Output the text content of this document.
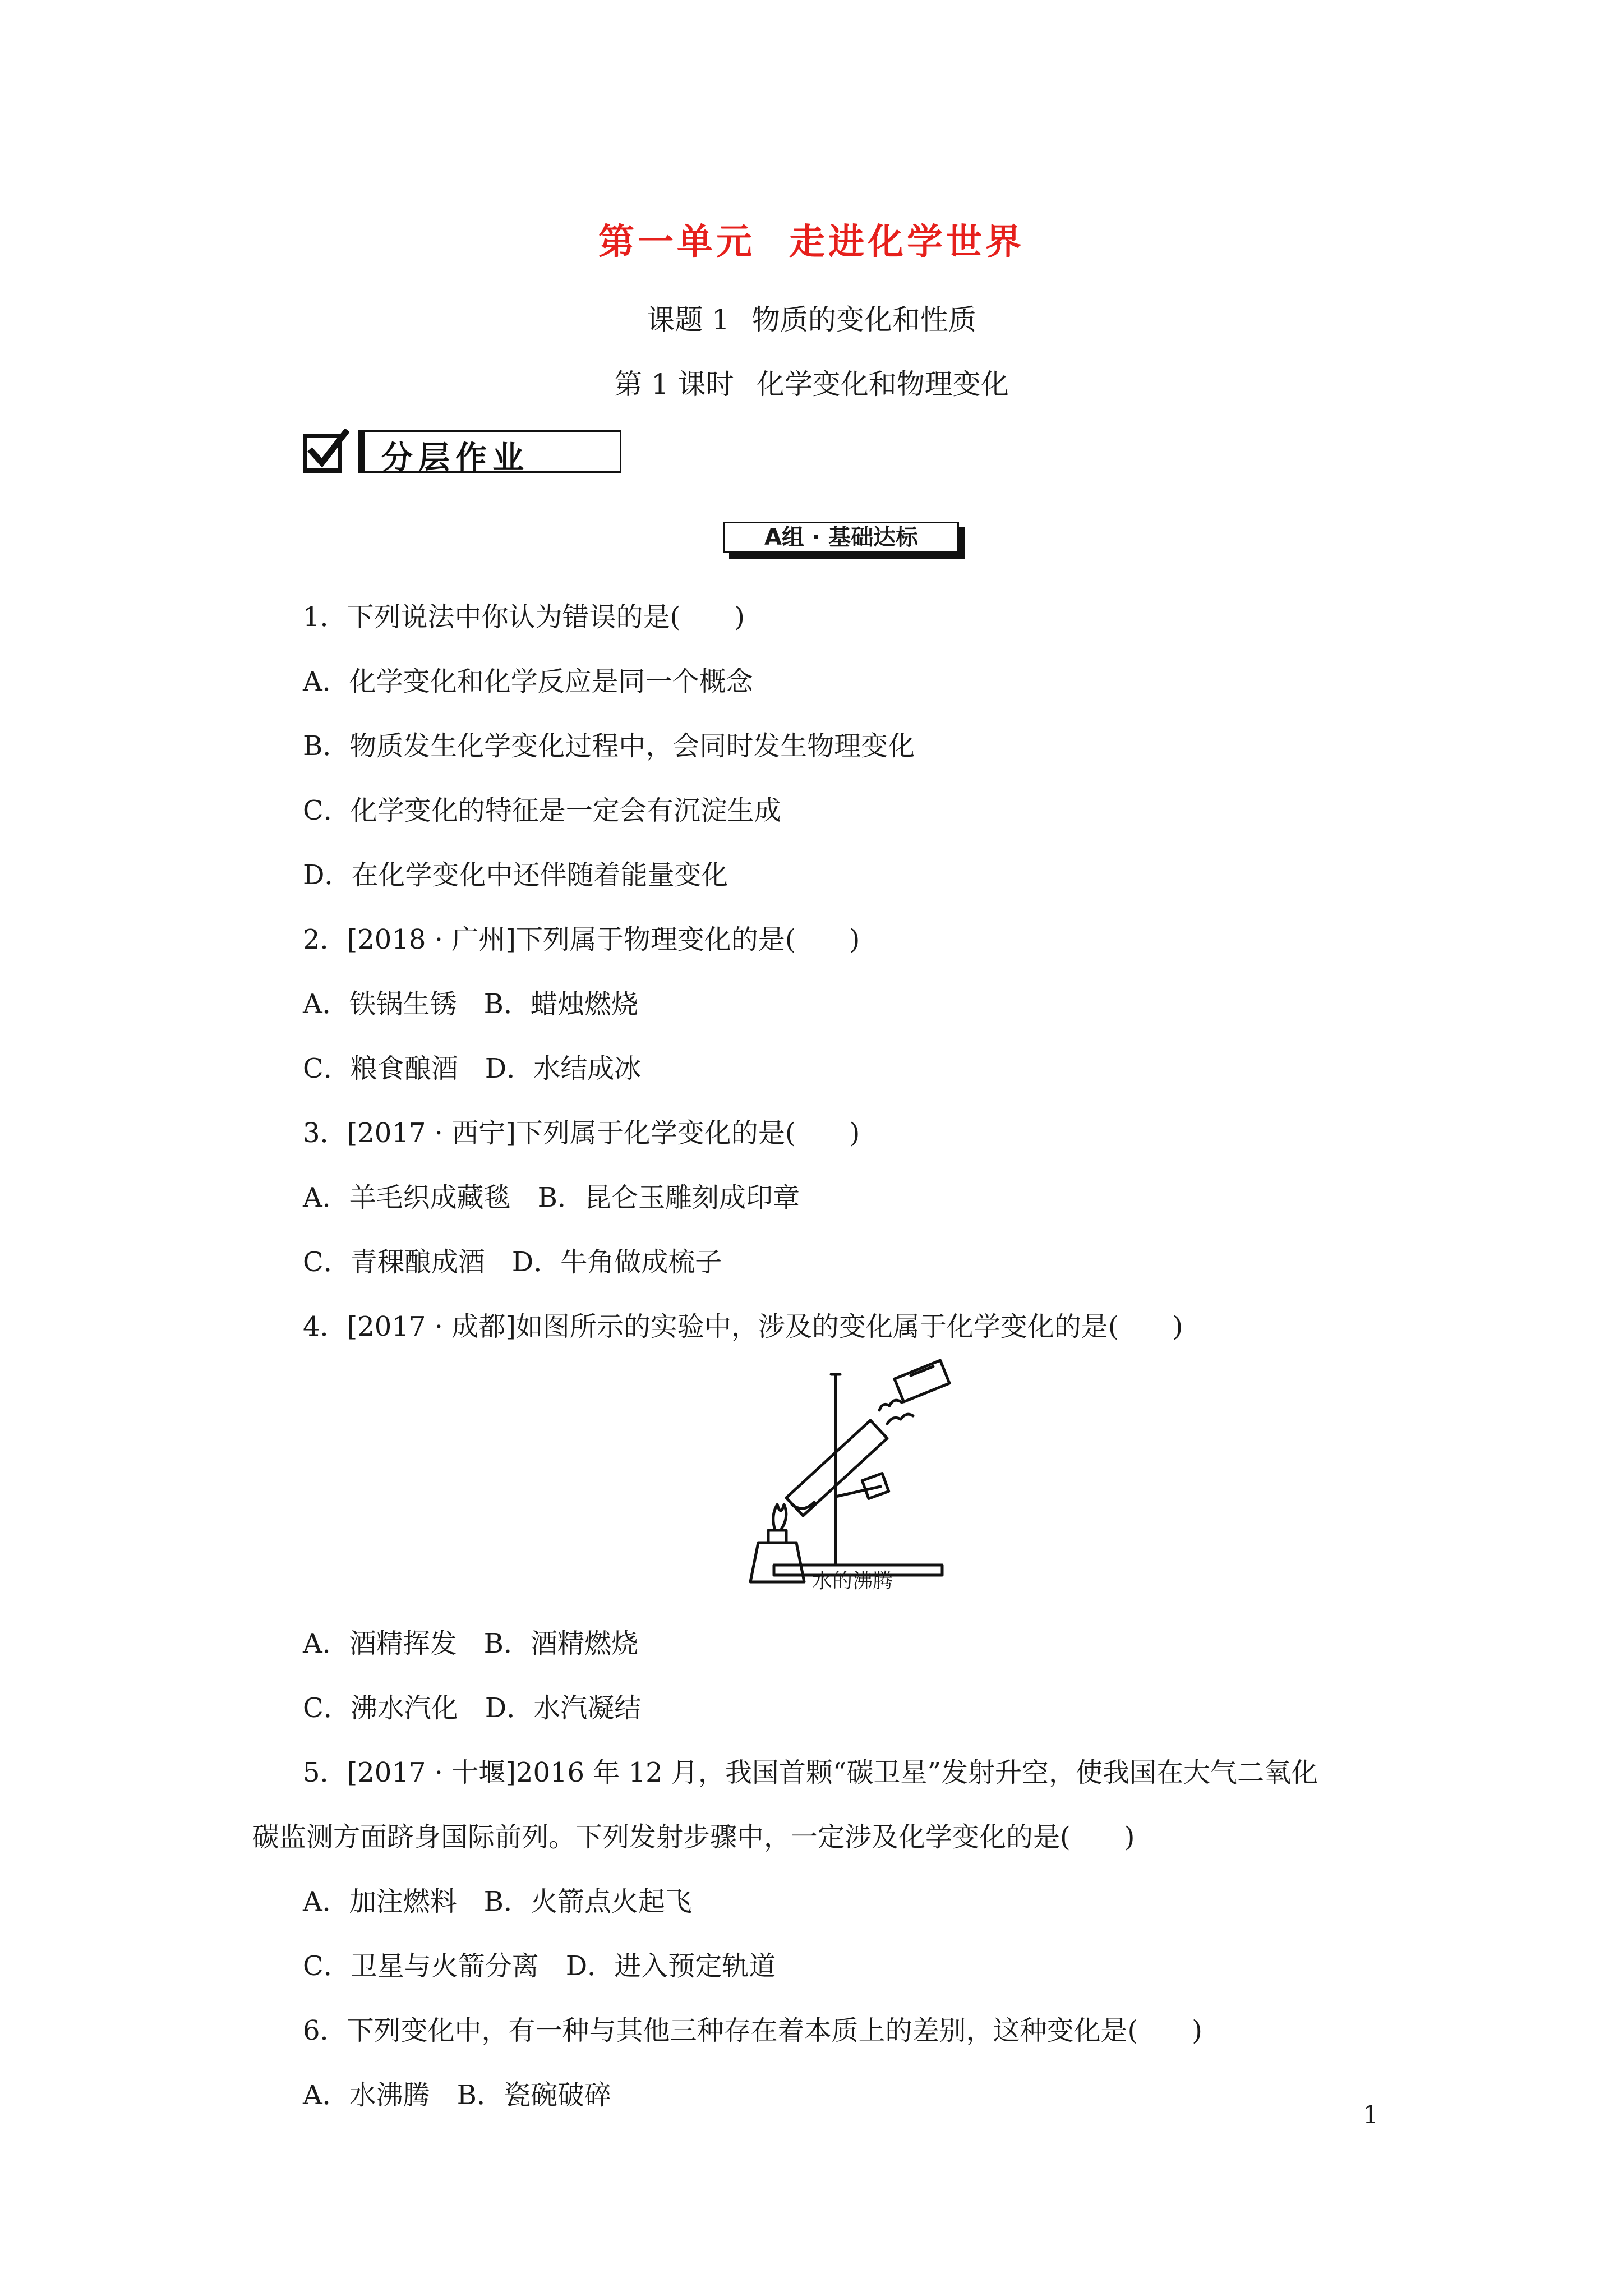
第一单元 走进化学世界
课题 1 物质的变化和性质
第 1 课时 化学变化和物理变化
分层作业
A组 · 基础达标
1．下列说法中你认为错误的是(　　)
A．化学变化和化学反应是同一个概念
B．物质发生化学变化过程中，会同时发生物理变化
C．化学变化的特征是一定会有沉淀生成
D．在化学变化中还伴随着能量变化
2．[2018 · 广州]下列属于物理变化的是(　　)
A．铁锅生锈　B．蜡烛燃烧
C．粮食酿酒　D．水结成冰
3．[2017 · 西宁]下列属于化学变化的是(　　)
A．羊毛织成藏毯　B．昆仑玉雕刻成印章
C．青稞酿成酒　D．牛角做成梳子
4．[2017 · 成都]如图所示的实验中，涉及的变化属于化学变化的是(　　)
水的沸腾
A．酒精挥发　B．酒精燃烧
C．沸水汽化　D．水汽凝结
5．[2017 · 十堰]2016 年 12 月，我国首颗“碳卫星”发射升空，使我国在大气二氧化
碳监测方面跻身国际前列。下列发射步骤中，一定涉及化学变化的是(　　)
A．加注燃料　B．火箭点火起飞
C．卫星与火箭分离　D．进入预定轨道
6．下列变化中，有一种与其他三种存在着本质上的差别，这种变化是(　　)
A．水沸腾　B．瓷碗破碎
1
